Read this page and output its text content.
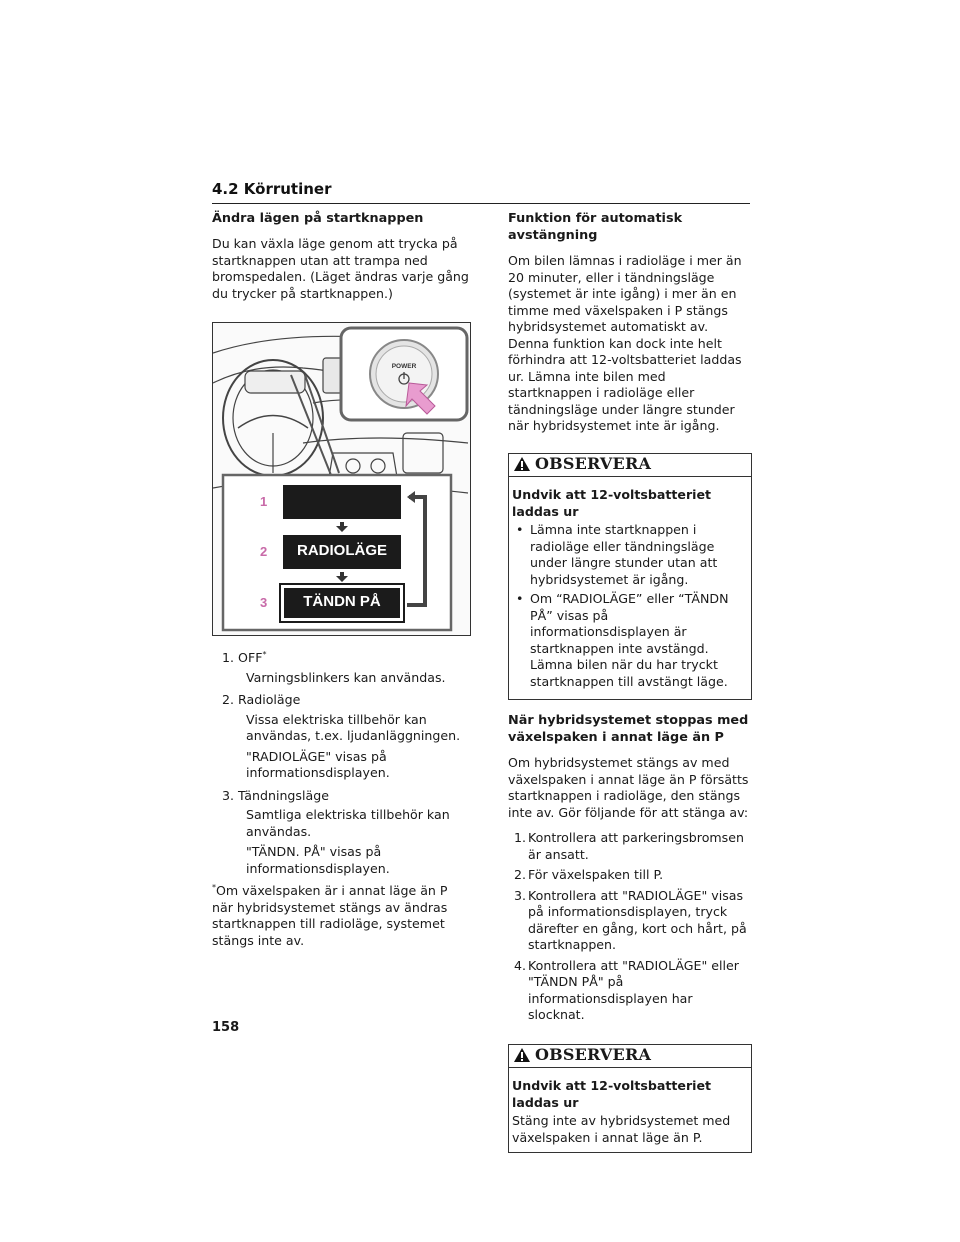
4.2 Körrutiner
Ändra lägen på startknappen

Du kan växla läge genom att trycka på startknappen utan att trampa ned bromspedalen. (Läget ändras varje gång du trycker på startknappen.)

POWER
1
2
3
RADIOLÄGE
TÄNDN PÅ
1. OFF*
Varningsblinkers kan användas.
2. Radioläge
Vissa elektriska tillbehör kan användas, t.ex. ljudanläggningen.
"RADIOLÄGE" visas på informationsdisplayen.
3. Tändningsläge
Samtliga elektriska tillbehör kan användas.
"TÄNDN. PÅ" visas på informationsdisplayen.

*Om växelspaken är i annat läge än P när hybridsystemet stängs av ändras startknappen till radioläge, systemet stängs inte av.

Funktion för automatisk avstängning

Om bilen lämnas i radioläge i mer än 20 minuter, eller i tändningsläge (systemet är inte igång) i mer än en timme med växelspaken i P stängs hybridsystemet automatiskt av. Denna funktion kan dock inte helt förhindra att 12-voltsbatteriet laddas ur. Lämna inte bilen med startknappen i radioläge eller tändningsläge under längre stunder när hybridsystemet inte är igång.

OBSERVERA
Undvik att 12-voltsbatteriet laddas ur
• Lämna inte startknappen i radioläge eller tändningsläge under längre stunder utan att hybridsystemet är igång.
• Om “RADIOLÄGE” eller “TÄNDN PÅ” visas på informationsdisplayen är startknappen inte avstängd. Lämna bilen när du har tryckt startknappen till avstängt läge.
När hybridsystemet stoppas med växelspaken i annat läge än P

Om hybridsystemet stängs av med växelspaken i annat läge än P försätts startknappen i radioläge, den stängs inte av. Gör följande för att stänga av:

1. Kontrollera att parkeringsbromsen är ansatt.
2. För växelspaken till P.
3. Kontrollera att "RADIOLÄGE" visas på informationsdisplayen, tryck därefter en gång, kort och hårt, på startknappen.
4. Kontrollera att "RADIOLÄGE" eller "TÄNDN PÅ" på informationsdisplayen har slocknat.
OBSERVERA
Undvik att 12-voltsbatteriet laddas ur
Stäng inte av hybridsystemet med växelspaken i annat läge än P.
158
